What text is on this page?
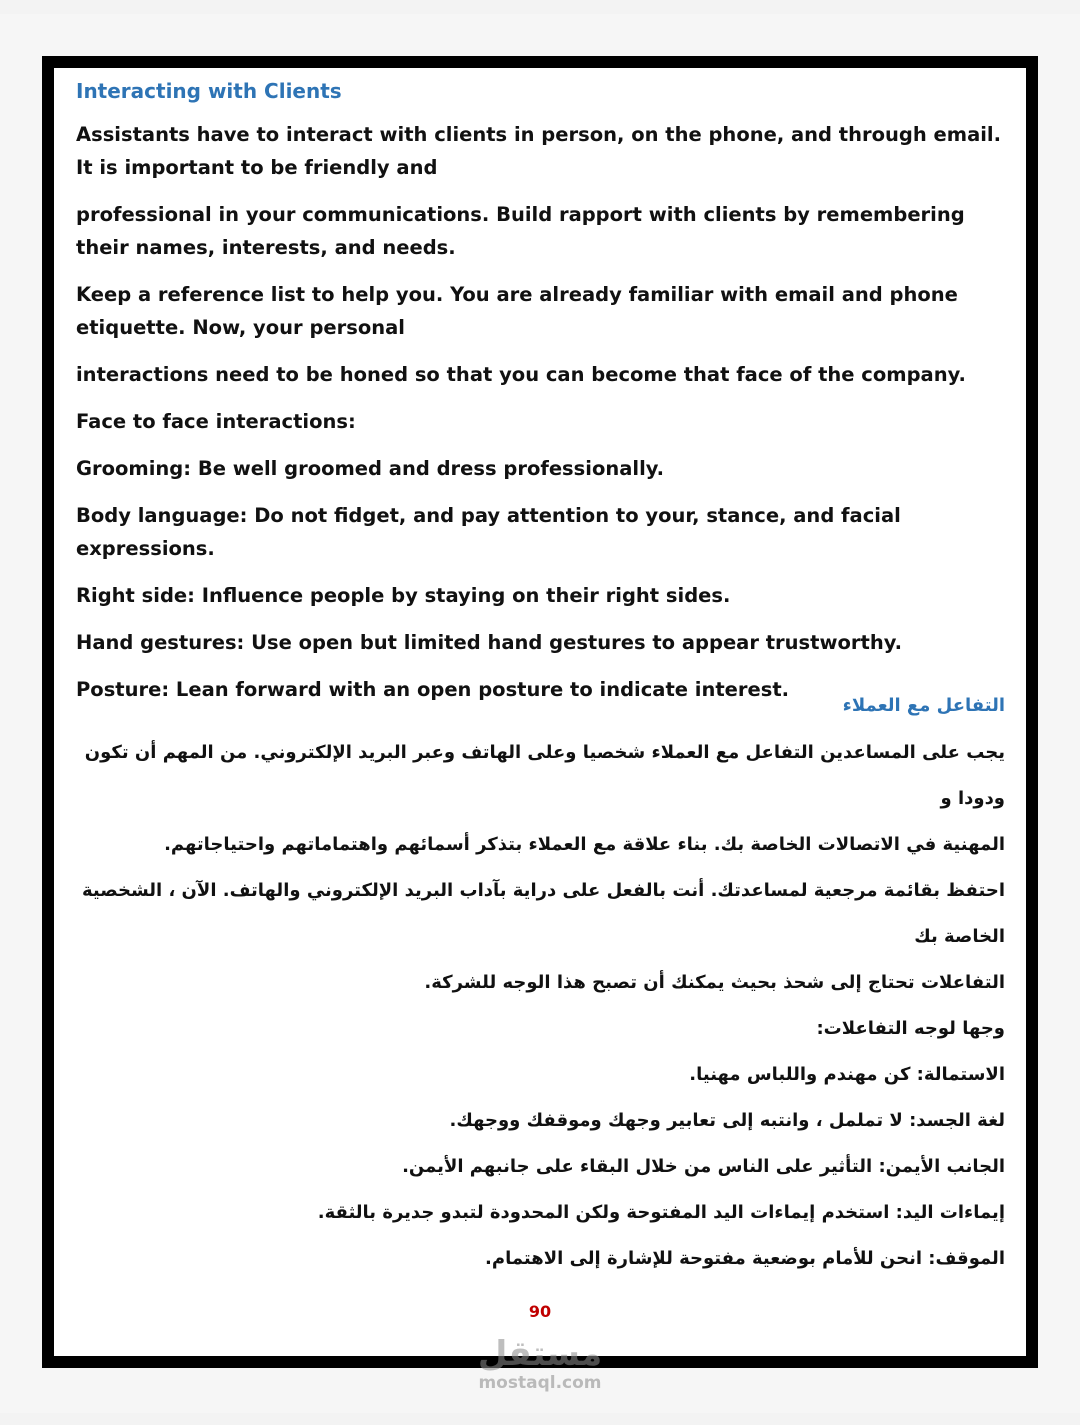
Interacting with Clients

Assistants have to interact with clients in person, on the phone, and through email. It is important to be friendly and

professional in your communications. Build rapport with clients by remembering their names, interests, and needs.

Keep a reference list to help you. You are already familiar with email and phone etiquette. Now, your personal

interactions need to be honed so that you can become that face of the company.

Face to face interactions:

Grooming: Be well groomed and dress professionally.

Body language: Do not fidget, and pay attention to your, stance, and facial expressions.

Right side: Influence people by staying on their right sides.

Hand gestures: Use open but limited hand gestures to appear trustworthy.

Posture: Lean forward with an open posture to indicate interest.

التفاعل مع العملاء

يجب على المساعدين التفاعل مع العملاء شخصيا وعلى الهاتف وعبر البريد الإلكتروني. من المهم أن تكون ودودا و

المهنية في الاتصالات الخاصة بك. بناء علاقة مع العملاء بتذكر أسمائهم واهتماماتهم واحتياجاتهم.

احتفظ بقائمة مرجعية لمساعدتك. أنت بالفعل على دراية بآداب البريد الإلكتروني والهاتف. الآن ، الشخصية الخاصة بك

التفاعلات تحتاج إلى شحذ بحيث يمكنك أن تصبح هذا الوجه للشركة.

وجها لوجه التفاعلات:

الاستمالة: كن مهندم واللباس مهنيا.

لغة الجسد: لا تململ ، وانتبه إلى تعابير وجهك وموقفك ووجهك.

الجانب الأيمن: التأثير على الناس من خلال البقاء على جانبهم الأيمن.

إيماءات اليد: استخدم إيماءات اليد المفتوحة ولكن المحدودة لتبدو جديرة بالثقة.

الموقف: انحن للأمام بوضعية مفتوحة للإشارة إلى الاهتمام.

90
مستقل
mostaql.com
